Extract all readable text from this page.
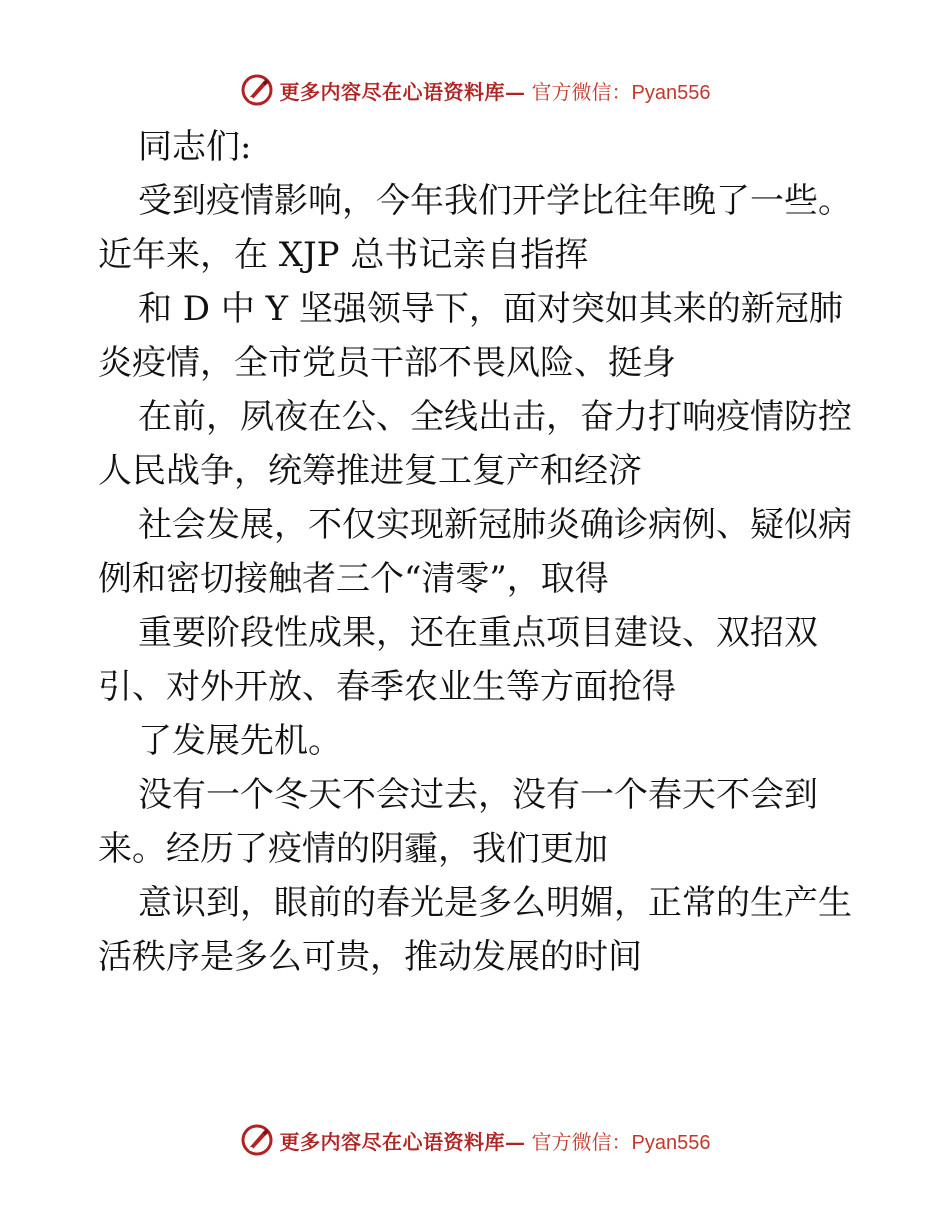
更多内容尽在心语资料库— 官方微信：Pyan556

同志们:

受到疫情影响，今年我们开学比往年晚了一些。

近年来，在 XJP 总书记亲自指挥

和 D 中 Y 坚强领导下，面对突如其来的新冠肺

炎疫情，全市党员干部不畏风险、挺身

在前，夙夜在公、全线出击，奋力打响疫情防控

人民战争，统筹推进复工复产和经济

社会发展，不仅实现新冠肺炎确诊病例、疑似病

例和密切接触者三个“清零”，取得

重要阶段性成果，还在重点项目建设、双招双

引、对外开放、春季农业生等方面抢得

了发展先机。

没有一个冬天不会过去，没有一个春天不会到

来。经历了疫情的阴霾，我们更加

意识到，眼前的春光是多么明媚，正常的生产生

活秩序是多么可贵，推动发展的时间

更多内容尽在心语资料库— 官方微信：Pyan556
